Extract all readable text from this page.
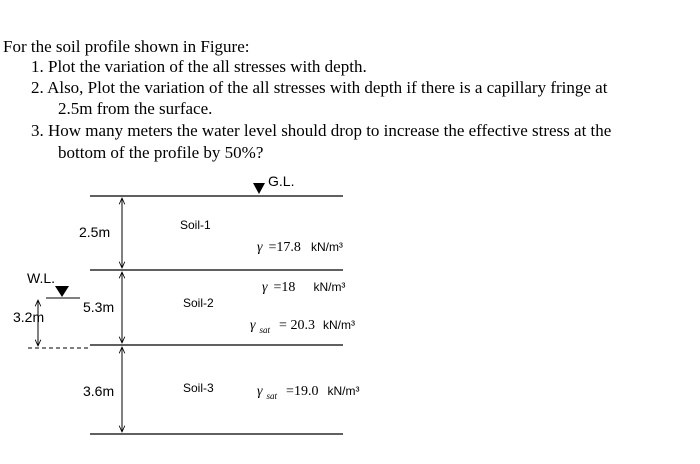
For the soil profile shown in Figure:
1. Plot the variation of the all stresses with depth.
2. Also, Plot the variation of the all stresses with depth if there is a capillary fringe at
2.5m from the surface.
3. How many meters the water level should drop to increase the effective stress at the
bottom of the profile by 50%?
G.L.
2.5m
5.3m
3.6m
W.L.
3.2m
Soil-1
Soil-2
Soil-3
γ =17.8 kN/m³
γ =18 kN/m³
γ $_{sat}$ = 20.3 kN/m³
γ $_{sat}$ =19.0 kN/m³
